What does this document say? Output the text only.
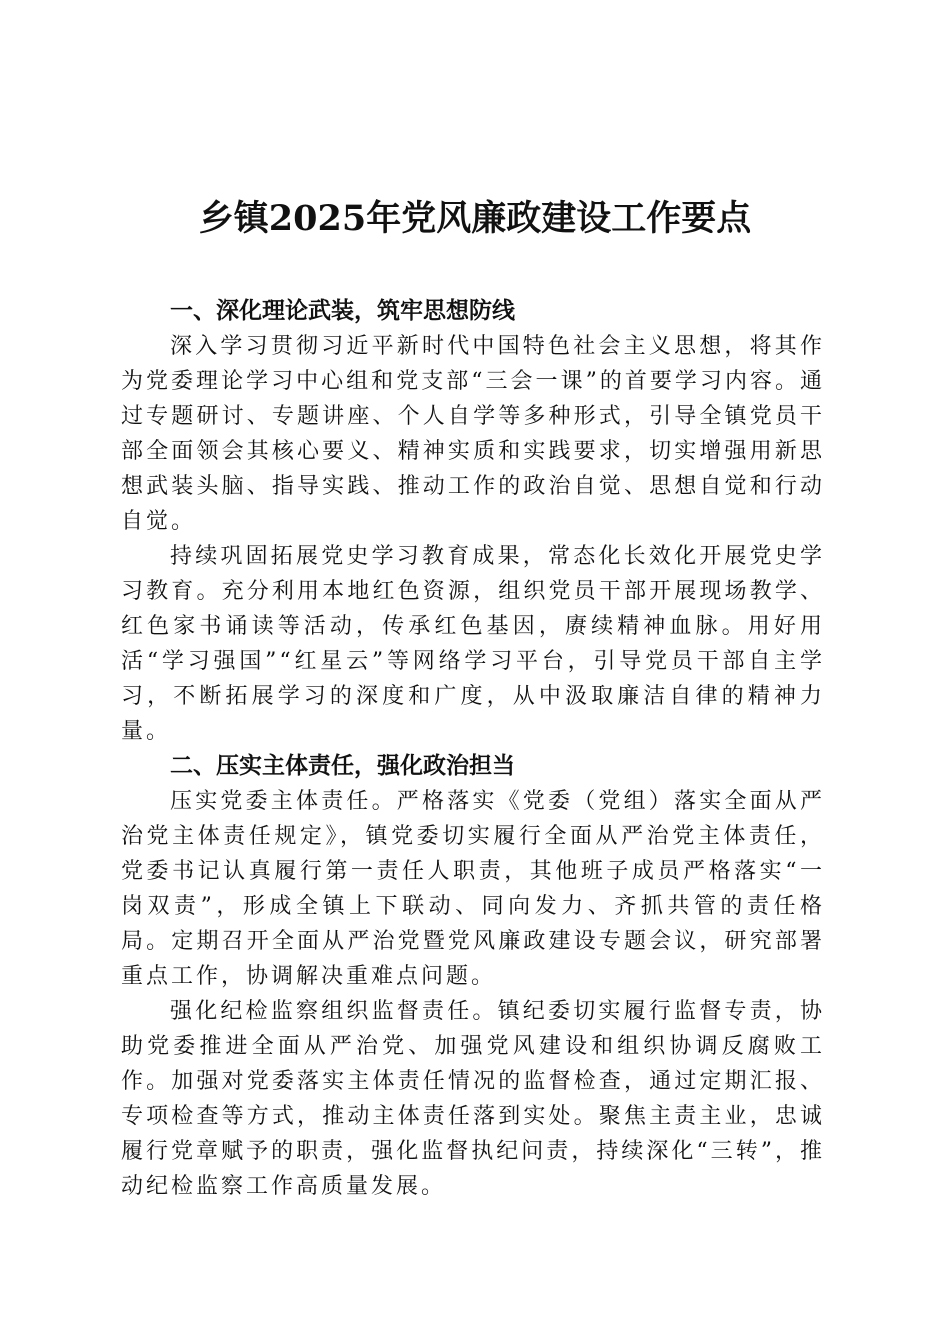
乡镇2025年党风廉政建设工作要点
一、深化理论武装，筑牢思想防线

深入学习贯彻习近平新时代中国特色社会主义思想，将其作为党委理论学习中心组和党支部“三会一课”的首要学习内容。通过专题研讨、专题讲座、个人自学等多种形式，引导全镇党员干部全面领会其核心要义、精神实质和实践要求，切实增强用新思想武装头脑、指导实践、推动工作的政治自觉、思想自觉和行动自觉。

持续巩固拓展党史学习教育成果，常态化长效化开展党史学习教育。充分利用本地红色资源，组织党员干部开展现场教学、红色家书诵读等活动，传承红色基因，赓续精神血脉。用好用活“学习强国”“红星云”等网络学习平台，引导党员干部自主学习，不断拓展学习的深度和广度，从中汲取廉洁自律的精神力量。

二、压实主体责任，强化政治担当

压实党委主体责任。严格落实《党委（党组）落实全面从严治党主体责任规定》，镇党委切实履行全面从严治党主体责任，党委书记认真履行第一责任人职责，其他班子成员严格落实“一岗双责”，形成全镇上下联动、同向发力、齐抓共管的责任格局。定期召开全面从严治党暨党风廉政建设专题会议，研究部署重点工作，协调解决重难点问题。

强化纪检监察组织监督责任。镇纪委切实履行监督专责，协助党委推进全面从严治党、加强党风建设和组织协调反腐败工作。加强对党委落实主体责任情况的监督检查，通过定期汇报、专项检查等方式，推动主体责任落到实处。聚焦主责主业，忠诚履行党章赋予的职责，强化监督执纪问责，持续深化“三转”，推动纪检监察工作高质量发展。
